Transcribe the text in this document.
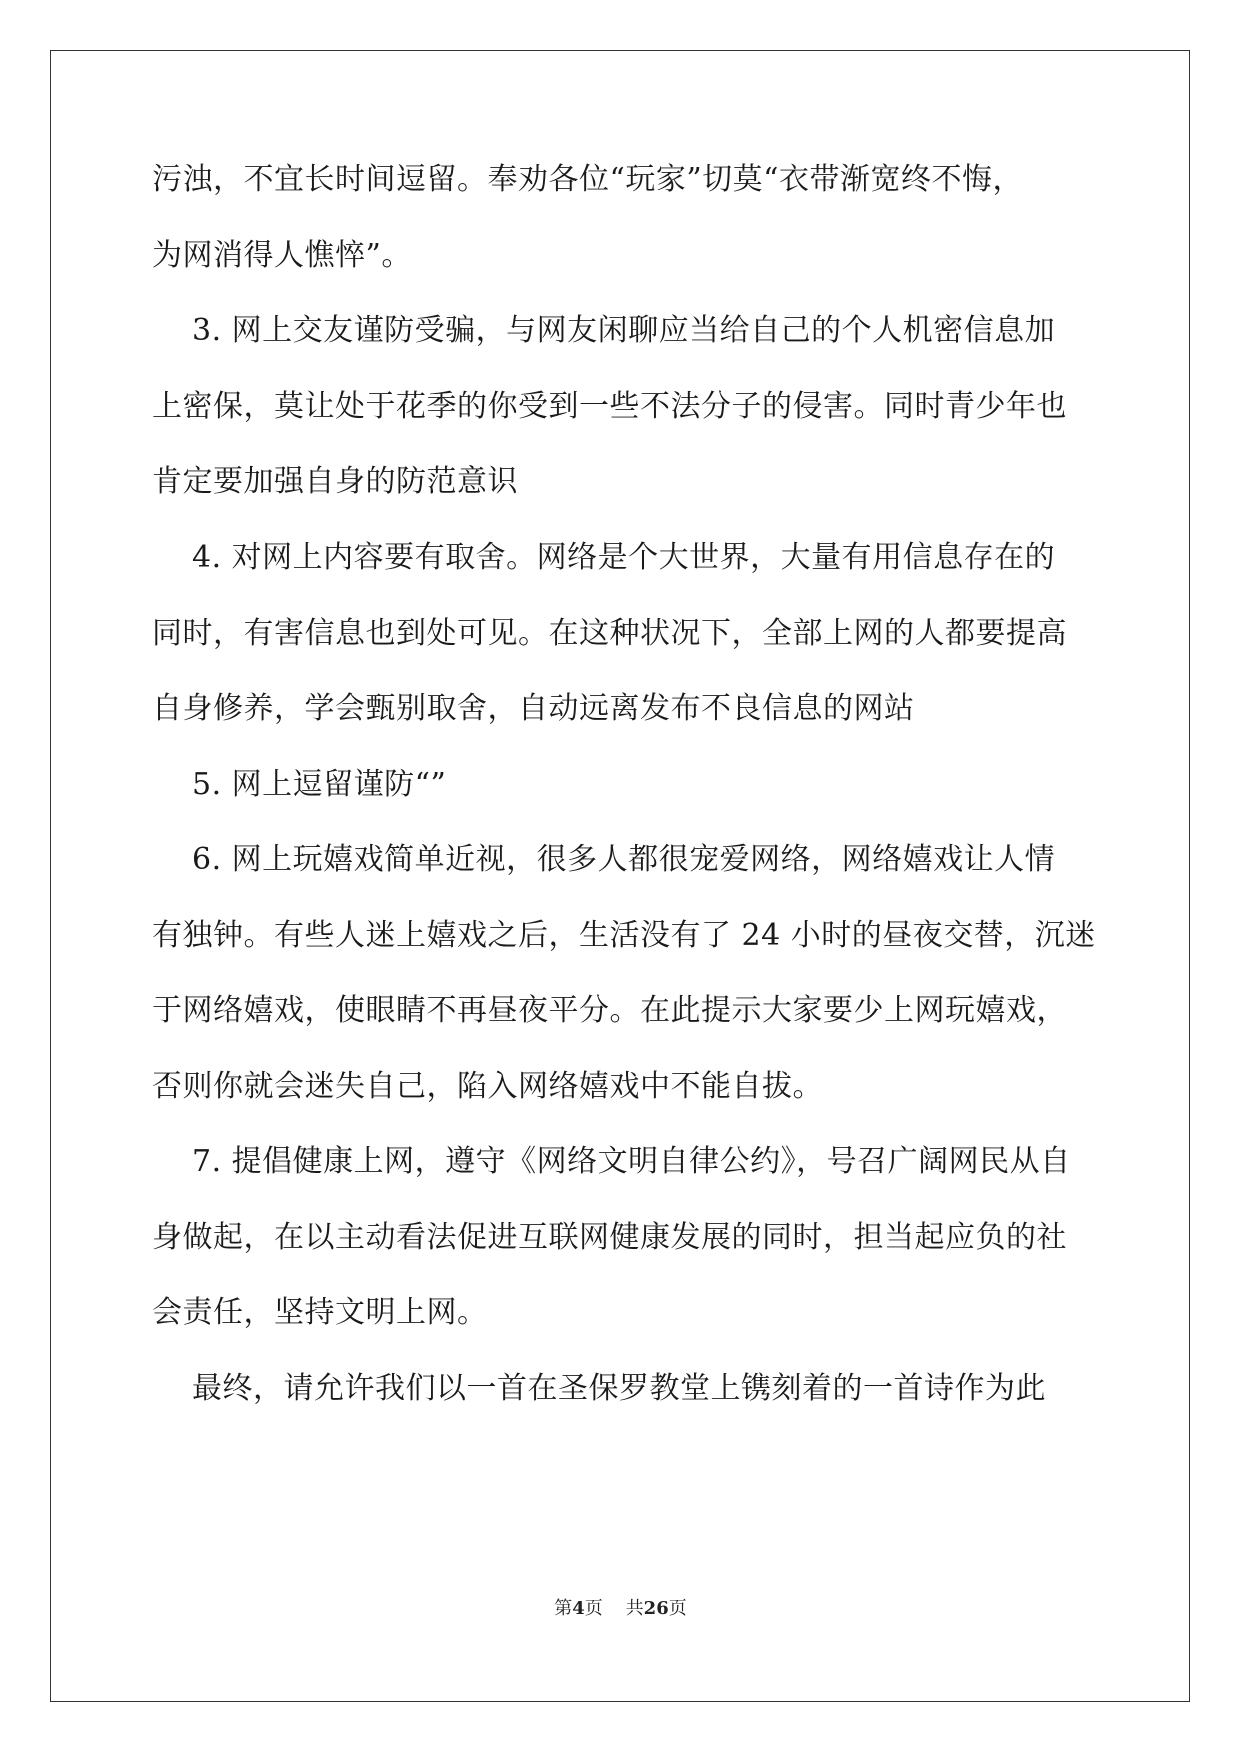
污浊，不宜长时间逗留。奉劝各位“玩家”切莫“衣带渐宽终不悔，
为网消得人憔悴”。
3. 网上交友谨防受骗，与网友闲聊应当给自己的个人机密信息加
上密保，莫让处于花季的你受到一些不法分子的侵害。同时青少年也
肯定要加强自身的防范意识
4. 对网上内容要有取舍。网络是个大世界，大量有用信息存在的
同时，有害信息也到处可见。在这种状况下，全部上网的人都要提高
自身修养，学会甄别取舍，自动远离发布不良信息的网站
5. 网上逗留谨防“”
6. 网上玩嬉戏简单近视，很多人都很宠爱网络，网络嬉戏让人情
有独钟。有些人迷上嬉戏之后，生活没有了 24 小时的昼夜交替，沉迷
于网络嬉戏，使眼睛不再昼夜平分。在此提示大家要少上网玩嬉戏，
否则你就会迷失自己，陷入网络嬉戏中不能自拔。
7. 提倡健康上网，遵守《网络文明自律公约》，号召广阔网民从自
身做起，在以主动看法促进互联网健康发展的同时，担当起应负的社
会责任，坚持文明上网。
最终，请允许我们以一首在圣保罗教堂上镌刻着的一首诗作为此
第4页 共26页
